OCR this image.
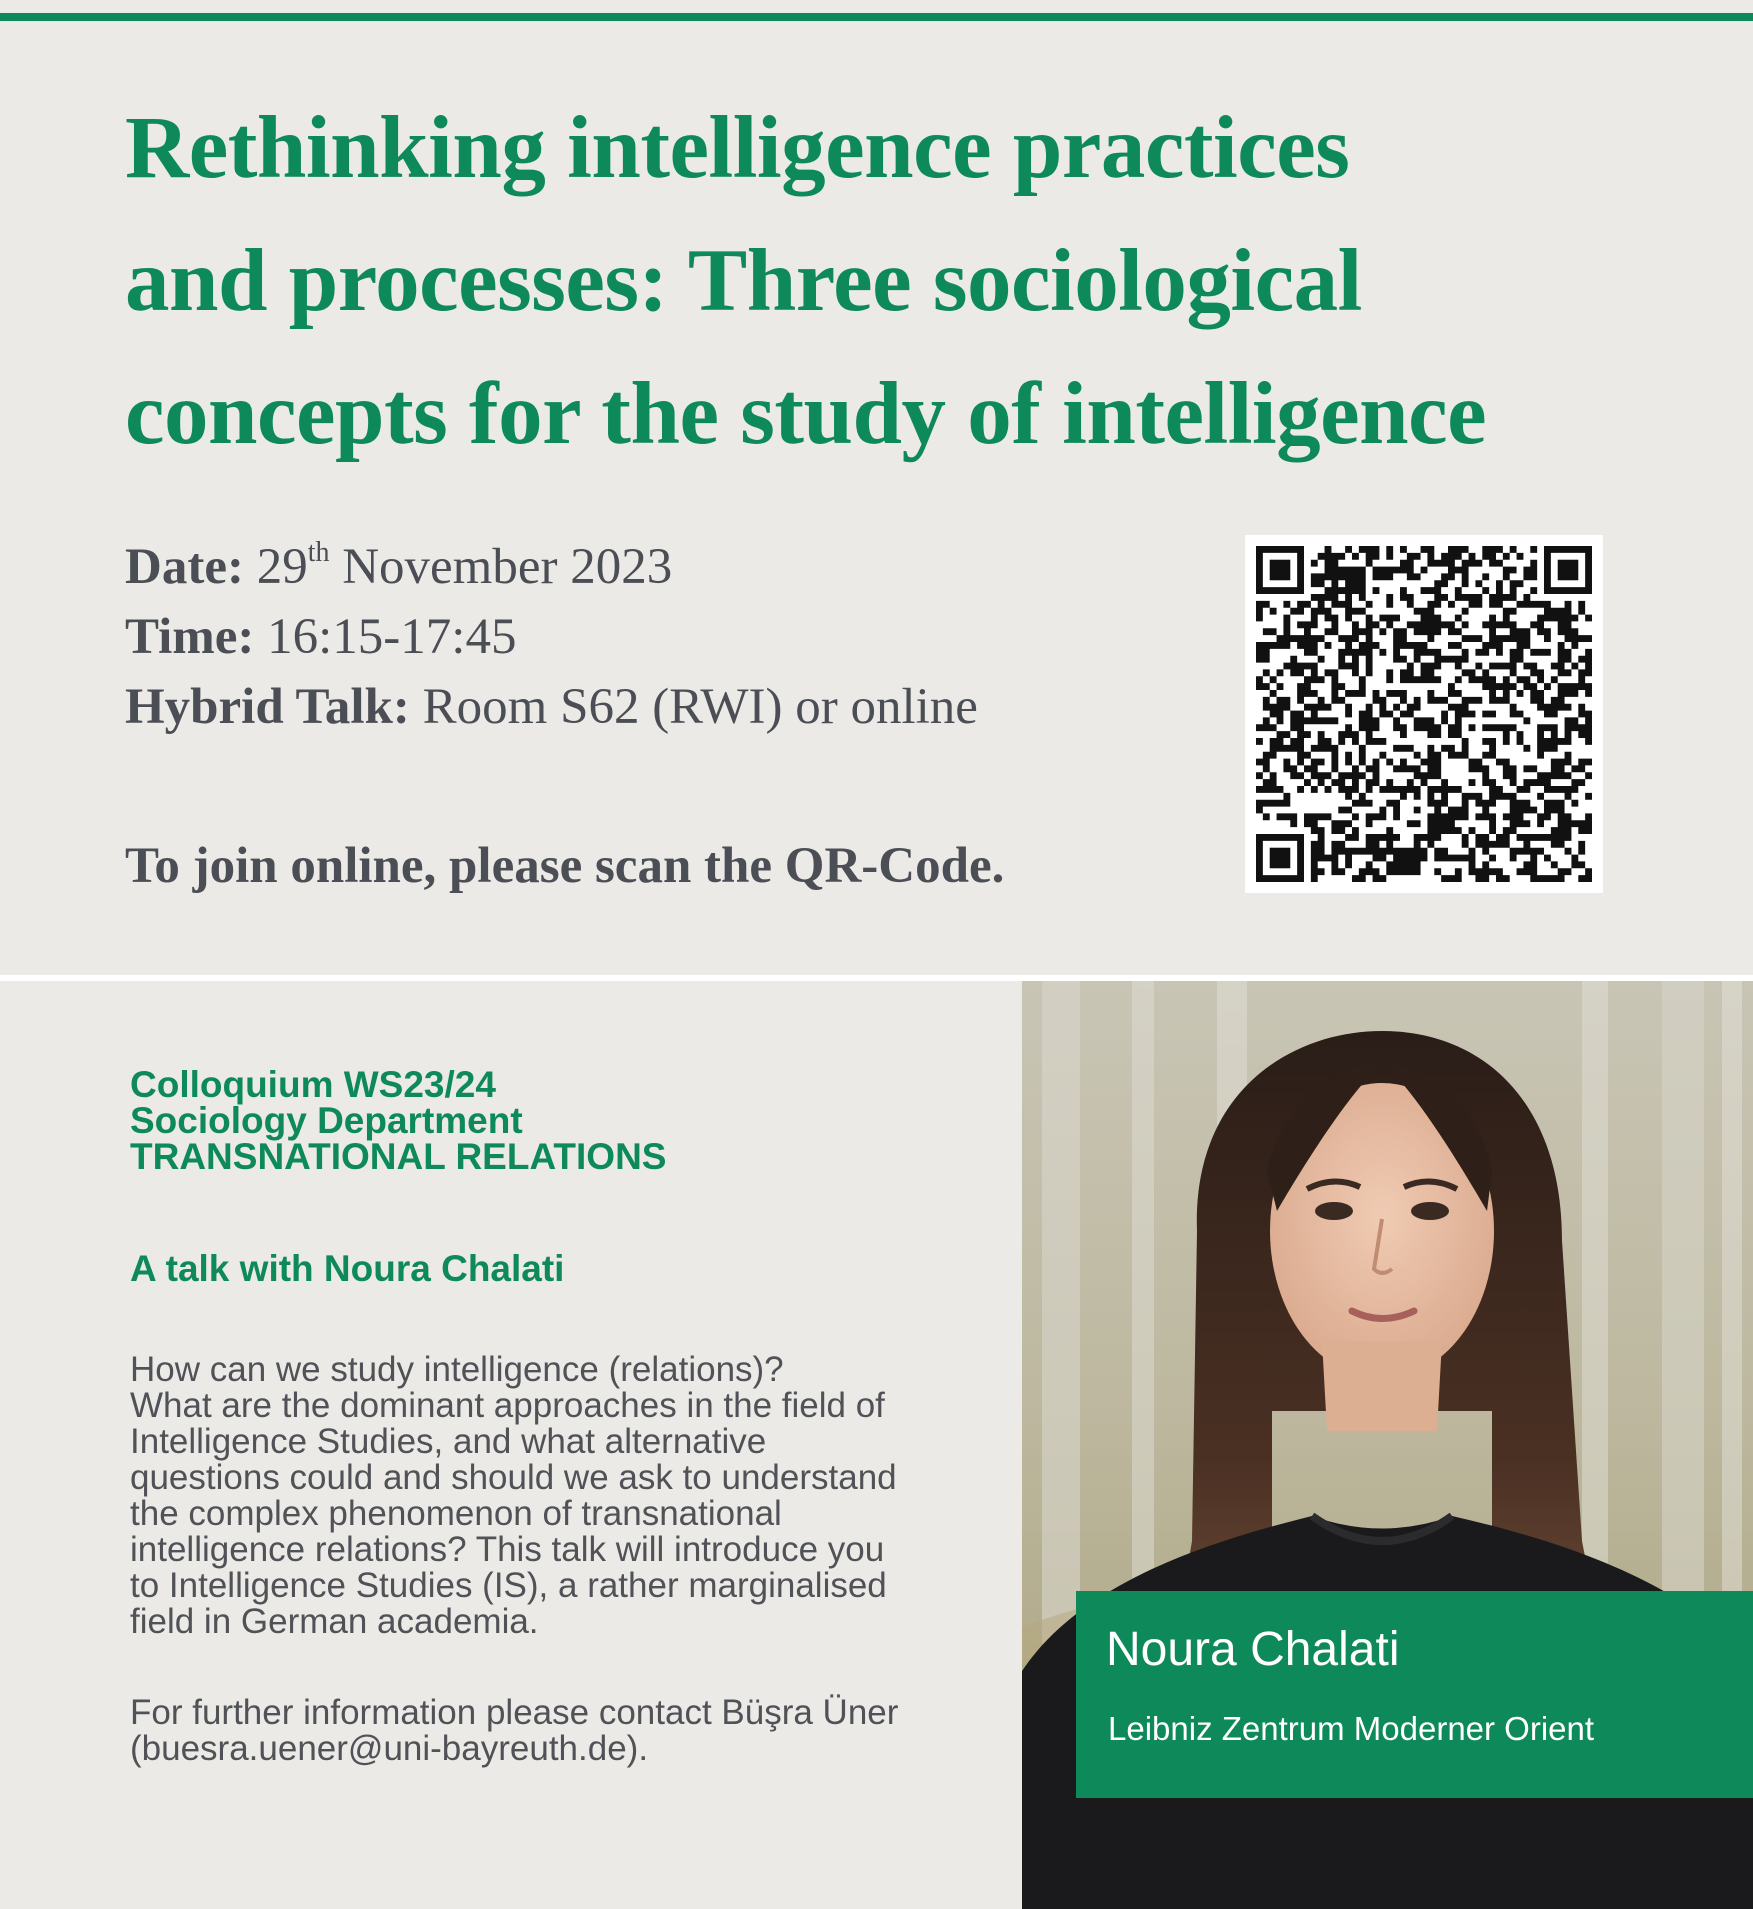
Rethinking intelligence practices
and processes: Three sociological
concepts for the study of intelligence
Date: 29th November 2023
Time: 16:15-17:45
Hybrid Talk: Room S62 (RWI) or online
To join online, please scan the QR-Code.
Colloquium WS23/24
Sociology Department
TRANSNATIONAL RELATIONS
A talk with Noura Chalati
How can we study intelligence (relations)?
What are the dominant approaches in the field of
Intelligence Studies, and what alternative
questions could and should we ask to understand
the complex phenomenon of transnational
intelligence relations? This talk will introduce you
to Intelligence Studies (IS), a rather marginalised
field in German academia.
For further information please contact Büşra Üner
(buesra.uener@uni-bayreuth.de).
Noura Chalati
Leibniz Zentrum Moderner Orient
